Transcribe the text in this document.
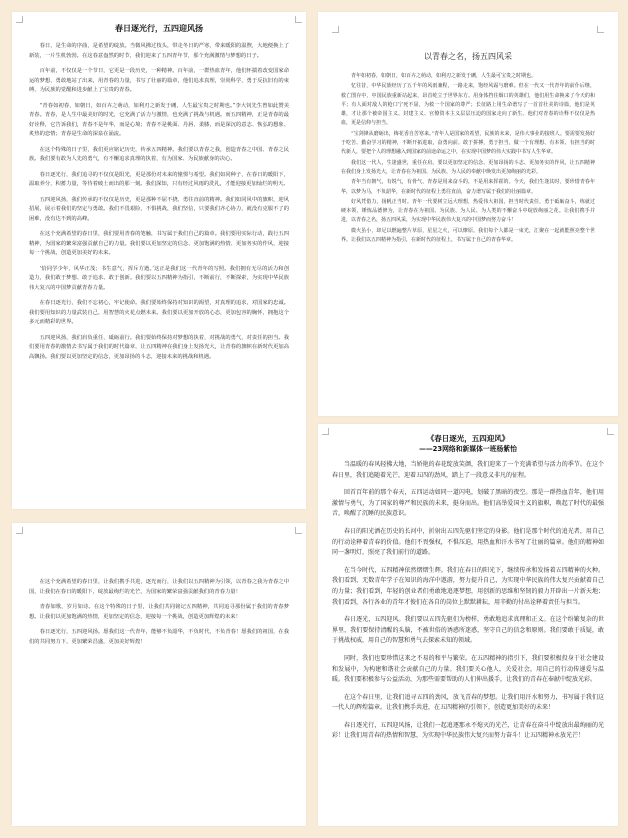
春日逐光行，五四迎风扬

春日，是生命的序曲，是希望的绽放。当微风拂过枝头，带走冬日的严寒，带来暖阳的温煦，大地便换上了新装，一片生机勃勃。在这春意盎然的时节，我们迎来了五四青年节，那个充满激情与梦想的日子。

百年前，不仅仅是一个节日，它更是一段历史，一种精神。百年前，一群热血青年，他们怀揣着改变国家命运的梦想，勇敢地站了出来，用青春的力量，书写了壮丽的篇章，他们追求真理，崇尚科学，勇于反抗旧有的束缚，为民族的觉醒和进步献上了宝贵的青春。

“青春如初春，如朝日，如百卉之萌动，如利刃之新发于硎，人生最宝贵之时期也。”李大钊先生曾如此赞美青春。青春，是人生中最美好的时光，它充满了活力与激情，也充满了挑战与机遇。而五四精神，正是青春的最好诠释，它告诉我们，青春不是年华，而是心境；青春不是桃面、丹唇、柔膝，而是深沉的意志、恢弘的想象、炙热的恋情；青春是生命的深泉在涌流。

在这个特殊的日子里，我们更应铭记历史，传承五四精神。我们要以青春之我，创造青春之中国、青春之民族。我们要有敢为人先的勇气，有不懈追求真理的执着，有为国家、为民族献身的决心。

春日逐光行，我们追寻的不仅仅是阳光，更是那份对未来的憧憬与希望。我们如同种子，在春日的暖阳下，温取养分，积蓄力量，等待着破土而出的那一刻。我们深知，只有经过风雨的洗礼，才能迎接更加灿烂的明天。

五四迎风扬，我们传承的不仅仅是历史，更是那种不屈不挠、勇往直前的精神。我们如同风中的旗帜，迎风招展，展示着我们的坚定与勇敢。我们不畏艰险，不惧挑战，我们坚信，只要我们齐心协力，就没有克服不了的困难，没有达不到的高峰。

在这个充满希望的春日里，我们要用青春的笔触，书写属于我们自己的篇章。我们要用实际行动，践行五四精神，为国家的繁荣富强贡献自己的力量。我们要以更加坚定的信念、更加饱满的热情、更加务实的作风，迎接每一个挑战，创造更加美好的未来。

‘恰同学少年，风华正茂；书生意气，挥斥方遒。’这正是我们这一代青年的写照。我们拥有无尽的活力和创造力，我们敢于梦想、敢于追求、敢于创新。我们要以五四精神为指引，不断前行，不断探索，为实现中华民族伟大复兴的中国梦贡献青春力量。

在春日逐光行，我们不忘初心，牢记使命。我们要始终保持对知识的渴望，对真理的追求，对国家的忠诚。我们要用知识的力量武装自己，用智慧的火花点燃未来。我们要以更加开放的心态，更加包容的胸怀，拥抱这个多元而精彩的世界。

五四迎风扬，我们肩负重任，砥砺前行。我们要始终保持对梦想的执着，对挑战的勇气，对责任的担当。我们要用青春的激情去书写属于我们的时代篇章，让五四精神在我们身上发扬光大，让青春的旗帜在新时代更加高高飘扬。我们要以更加坚定的信念，更加昂扬的斗志，迎接未来的挑战和机遇。

在这个充满希望的春日里，让我们携手共进，逐光而行，让我们以五四精神为引领，以青春之我为青春之中国，让我们在春日的暖阳下，绽放最绚烂的光芒，为国家的繁荣富强贡献我们的青春力量！

青春如歌，岁月如诗。在这个特殊的日子里，让我们共同铭记五四精神，共同追寻那份属于我们的青春梦想。让我们以更加饱满的热情，更加坚定的信念，迎接每一个挑战，创造更加辉煌的未来！

春日逐光行，五四迎风扬。愿我们这一代青年，能够不负韶华，不负时代，不负青春！愿我们的祖国，在我们的共同努力下，更加繁荣昌盛，更加美好辉煌！

以青春之名，扬五四风采

青年如初春，如朝日，如百卉之萌动，如利刃之新发于硎，人生最可宝贵之时期也。

忆往昔，中华民族经历了五千年的风雨兼程，一路走来，饱经风霜与磨难。但在一代又一代青年的前仆后继，救亡图存中，中国民族重新站起来，昂首屹立于世界东方。用身体挡住烟口的英雄们，他们用生命换来了今天的和平；有人面对敌人的枪口宁死不屈，为救一个国家的尊严；长征路上用生命谱写了一首首壮美的诗篇，他们是英雄，才让那个被帝国主义、封建主义、官僚资本主义层层压迫的国家走向了新生。他们对青春的诠释不仅仅是热血，更是信仰与担当。

“宝剑锋从磨砺出，梅花香自苦寒来。”青年人是国家的希望，民族的未来，是伟大事业的接班人。要需要发扬好于吃苦、勤奋学习的精神，不断开拓进取，奋勇向前。敢于拼搏，勇于担当，做一个有理想、有本领、有担当的时代新人，要把个人的理想融入到国家的前途命运之中，在实现中国梦的伟大实践中书写人生华章。

我们这一代人，生逢盛世，重任在肩。要以更加坚定的信念、更加昂扬的斗志、更加务实的作风，让五四精神在我们身上发扬光大，让青春在为祖国、为民族、为人民的奉献中焕发出更加绚丽的光彩。

青年当有朝气，有锐气，有骨气，青春是用来奋斗的，不是用来挥霍的。今天，我们生逢其时，要珍惜青春年华，以梦为马，不负韶华，在新时代的征程上勇往直前，奋力谱写属于我们的壮丽篇章。

好风凭借力，扬帆正当时。青年一代要树立远大理想，热爱伟大祖国，担当时代责任，勇于砥砺奋斗，练就过硬本领，锤炼品德修为，让青春在为祖国、为民族、为人民、为人类的不懈奋斗中绽放绚丽之花。让我们携手并进，以青春之名，扬五四风采，为实现中华民族伟大复兴的中国梦而努力奋斗！

微火虽小，却足以燃遍整片草原，星星之火，可以燎原。我们每个人都是一束光，汇聚在一起就能照亮整个世界。让我们以五四精神为指引，在新时代的征程上，书写属于自己的青春华章。

《春日逐光，五四迎风》
——23网络和新媒体一班杨紫怡

当温暖的春风轻拂大地，当娇艳的春花绽放笑颜，我们迎来了一个充满希望与活力的季节。在这个春日里，我们追随着光芒，迎着五四的劲风，踏上了一段意义非凡的征程。

回首百年前的那个春天，五四运动如同一道闪电，划破了黑暗的夜空。那是一群热血青年，他们用激情与勇气，为了国家的尊严和民族的未来，挺身而出。他们高举爱国主义的旗帜，唤起了时代的最强音，唤醒了沉睡的民族意识。

春日的阳光洒在历史的长河中，折射出五四先驱们坚定的身影。他们是那个时代的追光者，用自己的行动诠释着青春的价值。他们不畏强权，不惧压迫，用热血和汗水书写了壮丽的篇章。他们的精神如同一盏明灯，照亮了我们前行的道路。

在当今时代，五四精神依然熠熠生辉。我们在春日的阳光下，继续传承和发扬着五四精神的火种。我们看到，无数青年学子在知识的海洋中遨游，努力提升自己，为实现中华民族的伟大复兴贡献着自己的力量；我们看到，年轻的创业者们勇敢地追逐梦想，用创新的思维和坚韧的毅力开辟出一片新天地；我们看到，各行各业的青年才俊们在各自的岗位上默默耕耘，用辛勤的付出诠释着责任与担当。

春日逐光，五四迎风。我们要以五四先驱们为榜样，勇敢地追求真理和正义。在这个纷繁复杂的世界里，我们要保持清醒的头脑，不被世俗的诱惑所迷惑，坚守自己的信念和原则。我们要敢于质疑，敢于挑战权威，用自己的智慧和勇气去探索未知的领域。

同时，我们也要珍惜这来之不易的和平与繁荣。在五四精神的指引下，我们要积极投身于社会建设和发展中，为构建和谐社会贡献自己的力量。我们要关心他人，关爱社会，用自己的行动传递爱与温暖。我们要积极参与公益活动，为那些需要帮助的人们伸出援手，让我们的青春在奉献中绽放光彩。

在这个春日里，让我们追寻五四的劲风，放飞青春的梦想。让我们用汗水和努力，书写属于我们这一代人的辉煌篇章。让我们携手共进，在五四精神的引领下，创造更加美好的未来！

春日逐光行，五四迎风扬，让我们一起追逐那永不熄灭的光芒，让青春在奋斗中绽放出最绚丽的光彩！让我们用青春的热情和智慧，为实现中华民族伟大复兴而努力奋斗！让五四精神永放光芒！
